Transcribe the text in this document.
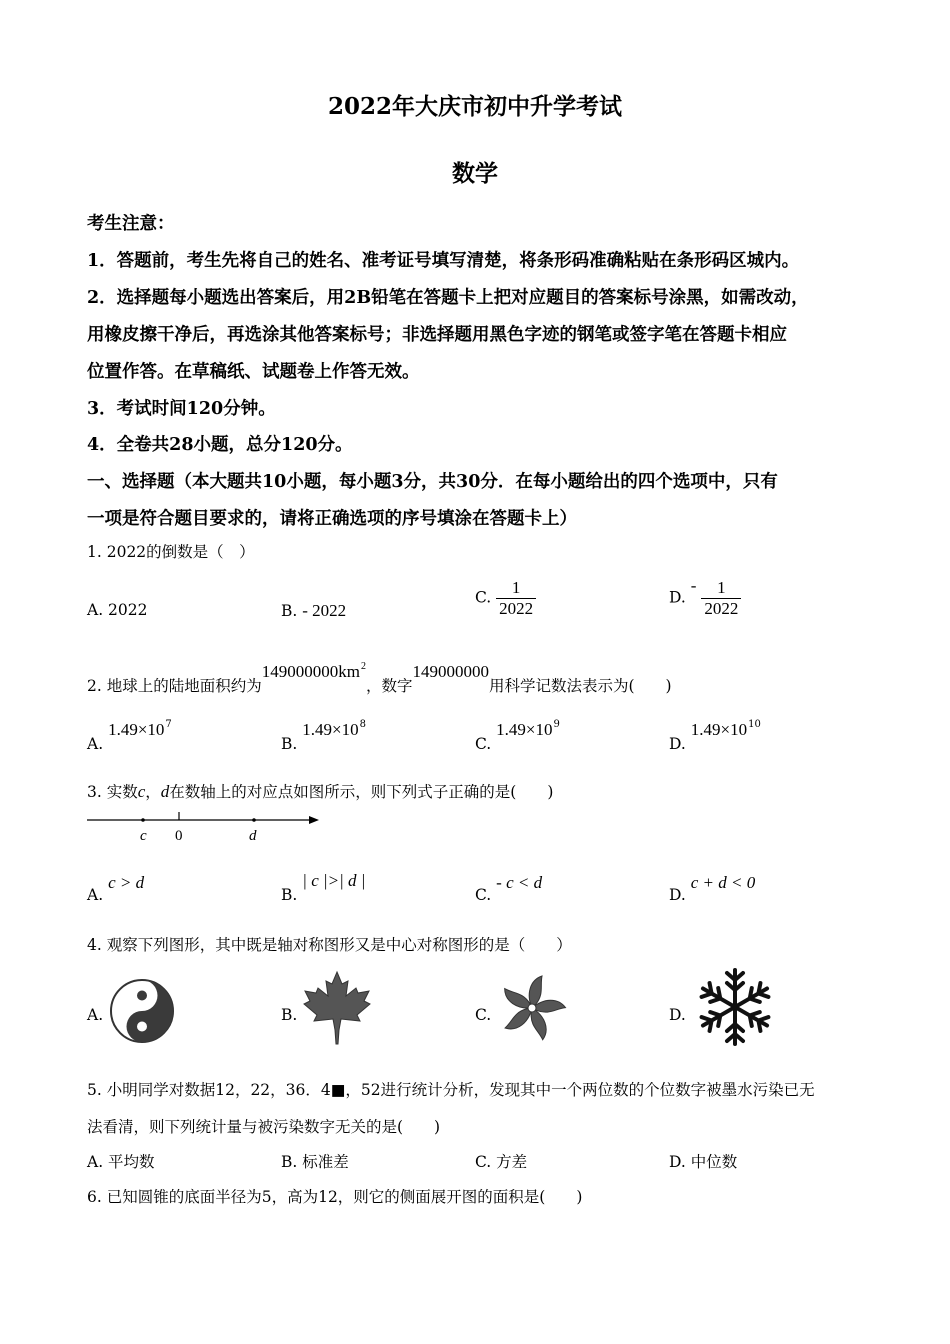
2022年大庆市初中升学考试
数学
考生注意：
1．答题前，考生先将自己的姓名、准考证号填写清楚，将条形码准确粘贴在条形码区城内。
2．选择题每小题选出答案后，用2B铅笔在答题卡上把对应题目的答案标号涂黑，如需改动，
用橡皮擦干净后，再选涂其他答案标号；非选择题用黑色字迹的钢笔或签字笔在答题卡相应
位置作答。在草稿纸、试题卷上作答无效。
3．考试时间120分钟。
4．全卷共28小题，总分120分。
一、选择题（本大题共10小题，每小题3分，共30分．在每小题给出的四个选项中，只有
一项是符合题目要求的，请将正确选项的序号填涂在答题卡上）
1. 2022的倒数是（　）
A. 2022	B. - 2022
C. $\frac{1}{2022}$	D. - $\frac{1}{2022}$
2. 地球上的陆地面积约为$149000000km^2$，数字149000000用科学记数法表示为(　　)
A. $1.49\times 10^7$
B. $1.49\times 10^8$
C. $1.49\times 10^9$
D. $1.49\times 10^{10}$
3. 实数c，d在数轴上的对应点如图所示，则下列式子正确的是(　　)
c 0	d
A. c > d
B. | c |>| d |
C. - c < d
D. c + d < 0
4. 观察下列图形，其中既是轴对称图形又是中心对称图形的是（　　）
A.	B.	C.	D.
5. 小明同学对数据12，22，36．4■，52进行统计分析，发现其中一个两位数的个位数字被墨水污染已无
法看清，则下列统计量与被污染数字无关的是(　　)
A. 平均数	B. 标准差	C. 方差	D. 中位数
6. 已知圆锥的底面半径为5，高为12，则它的侧面展开图的面积是(　　)
